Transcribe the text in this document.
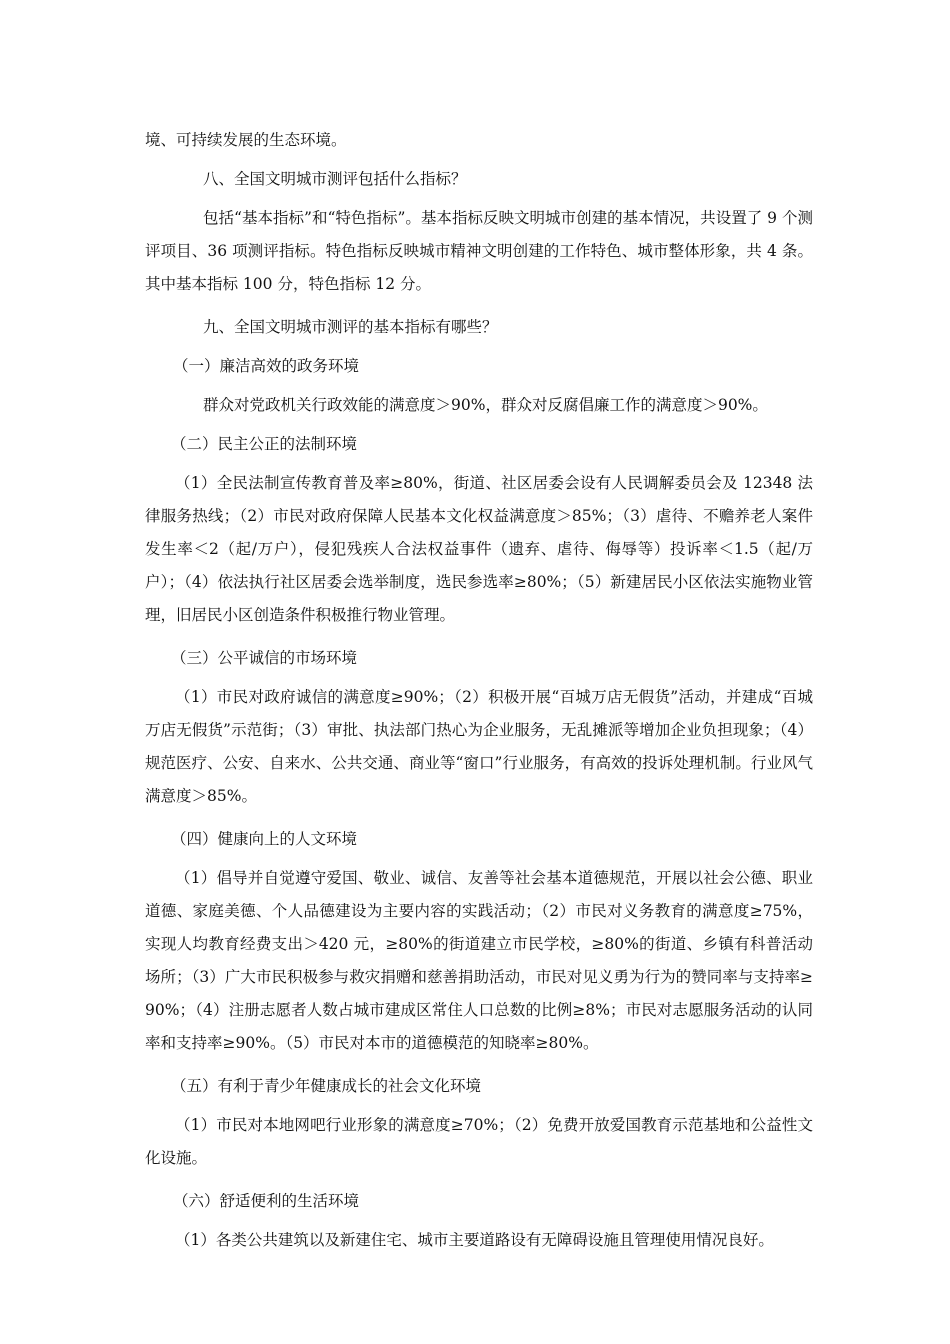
境、可持续发展的生态环境。

八、全国文明城市测评包括什么指标？

包括“基本指标”和“特色指标”。基本指标反映文明城市创建的基本情况，共设置了 9 个测评项目、36 项测评指标。特色指标反映城市精神文明创建的工作特色、城市整体形象，共 4 条。其中基本指标 100 分，特色指标 12 分。

九、全国文明城市测评的基本指标有哪些？

（一）廉洁高效的政务环境

群众对党政机关行政效能的满意度＞90%，群众对反腐倡廉工作的满意度＞90%。

（二）民主公正的法制环境

（1）全民法制宣传教育普及率≥80%，街道、社区居委会设有人民调解委员会及 12348 法律服务热线；（2）市民对政府保障人民基本文化权益满意度＞85%；（3）虐待、不赡养老人案件发生率＜2（起/万户），侵犯残疾人合法权益事件（遗弃、虐待、侮辱等）投诉率＜1.5（起/万户）；（4）依法执行社区居委会选举制度，选民参选率≥80%；（5）新建居民小区依法实施物业管理，旧居民小区创造条件积极推行物业管理。

（三）公平诚信的市场环境

（1）市民对政府诚信的满意度≥90%；（2）积极开展“百城万店无假货”活动，并建成“百城万店无假货”示范街；（3）审批、执法部门热心为企业服务，无乱摊派等增加企业负担现象；（4）规范医疗、公安、自来水、公共交通、商业等“窗口”行业服务，有高效的投诉处理机制。行业风气满意度＞85%。

（四）健康向上的人文环境

（1）倡导并自觉遵守爱国、敬业、诚信、友善等社会基本道德规范，开展以社会公德、职业道德、家庭美德、个人品德建设为主要内容的实践活动；（2）市民对义务教育的满意度≥75%，实现人均教育经费支出＞420 元，≥80%的街道建立市民学校，≥80%的街道、乡镇有科普活动场所；（3）广大市民积极参与救灾捐赠和慈善捐助活动，市民对见义勇为行为的赞同率与支持率≥90%；（4）注册志愿者人数占城市建成区常住人口总数的比例≥8%；市民对志愿服务活动的认同率和支持率≥90%。（5）市民对本市的道德模范的知晓率≥80%。

（五）有利于青少年健康成长的社会文化环境

（1）市民对本地网吧行业形象的满意度≥70%；（2）免费开放爱国教育示范基地和公益性文化设施。

（六）舒适便利的生活环境

（1）各类公共建筑以及新建住宅、城市主要道路设有无障碍设施且管理使用情况良好。
